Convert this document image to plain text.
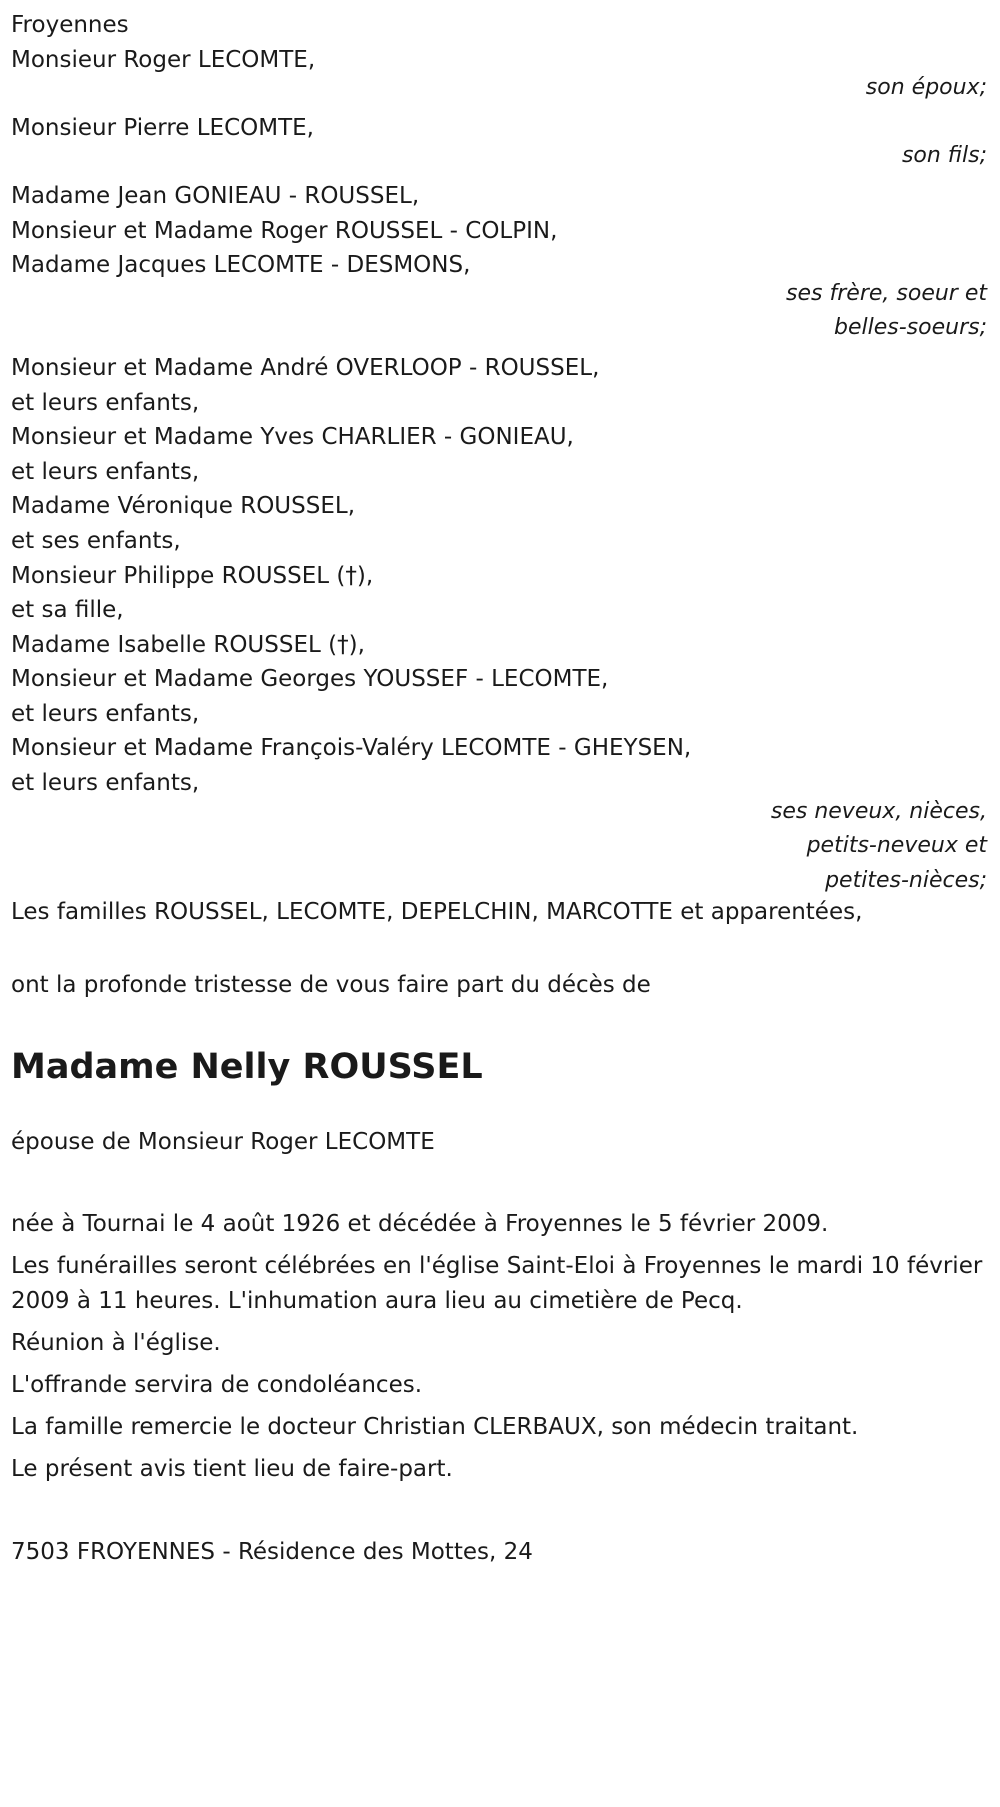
Froyennes
Monsieur Roger LECOMTE,
son époux;
Monsieur Pierre LECOMTE,
son fils;
Madame Jean GONIEAU - ROUSSEL,
Monsieur et Madame Roger ROUSSEL - COLPIN,
Madame Jacques LECOMTE - DESMONS,
ses frère, soeur et
belles-soeurs;
Monsieur et Madame André OVERLOOP - ROUSSEL,
et leurs enfants,
Monsieur et Madame Yves CHARLIER - GONIEAU,
et leurs enfants,
Madame Véronique ROUSSEL,
et ses enfants,
Monsieur Philippe ROUSSEL (†),
et sa fille,
Madame Isabelle ROUSSEL (†),
Monsieur et Madame Georges YOUSSEF - LECOMTE,
et leurs enfants,
Monsieur et Madame François-Valéry LECOMTE - GHEYSEN,
et leurs enfants,
ses neveux, nièces,
petits-neveux et
petites-nièces;
Les familles ROUSSEL, LECOMTE, DEPELCHIN, MARCOTTE et apparentées,
ont la profonde tristesse de vous faire part du décès de
Madame Nelly ROUSSEL
épouse de Monsieur Roger LECOMTE
née à Tournai le 4 août 1926 et décédée à Froyennes le 5 février 2009.
Les funérailles seront célébrées en l'église Saint-Eloi à Froyennes le mardi 10 février 2009 à 11 heures. L'inhumation aura lieu au cimetière de Pecq.
Réunion à l'église.
L'offrande servira de condoléances.
La famille remercie le docteur Christian CLERBAUX, son médecin traitant.
Le présent avis tient lieu de faire-part.
7503 FROYENNES - Résidence des Mottes, 24
